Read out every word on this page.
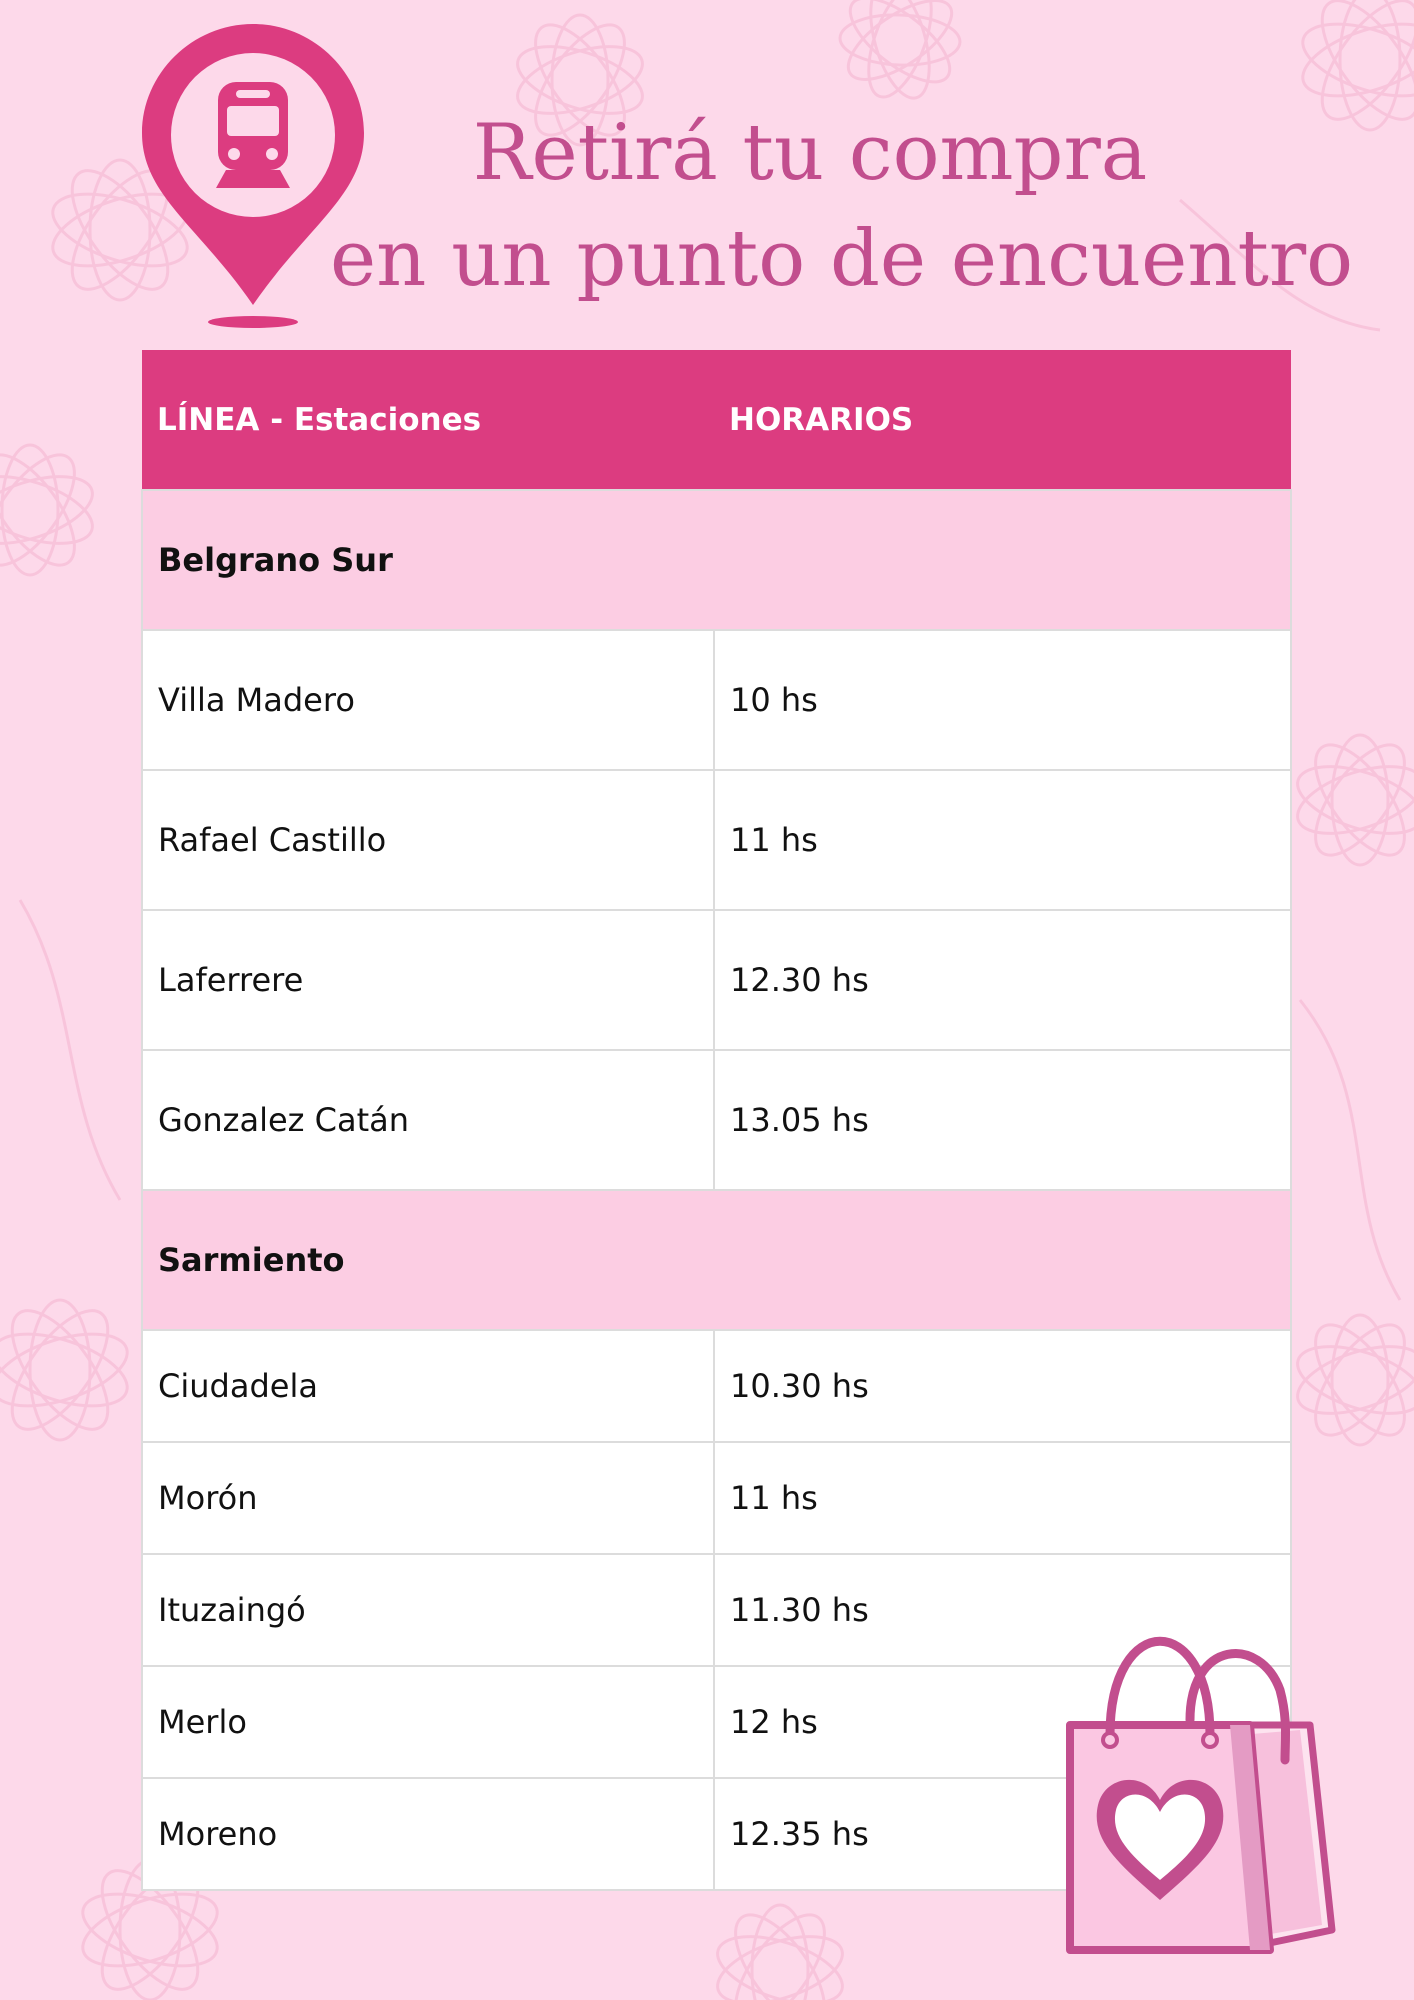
Retirá tu compra
en un punto de encuentro
LÍNEA - Estaciones	HORARIOS
Belgrano Sur	
Villa Madero	10 hs
Rafael Castillo	11 hs
Laferrere	12.30 hs
Gonzalez Catán	13.05 hs
Sarmiento	
Ciudadela	10.30 hs
Morón	11 hs
Ituzaingó	11.30 hs
Merlo	12 hs
Moreno	12.35 hs
